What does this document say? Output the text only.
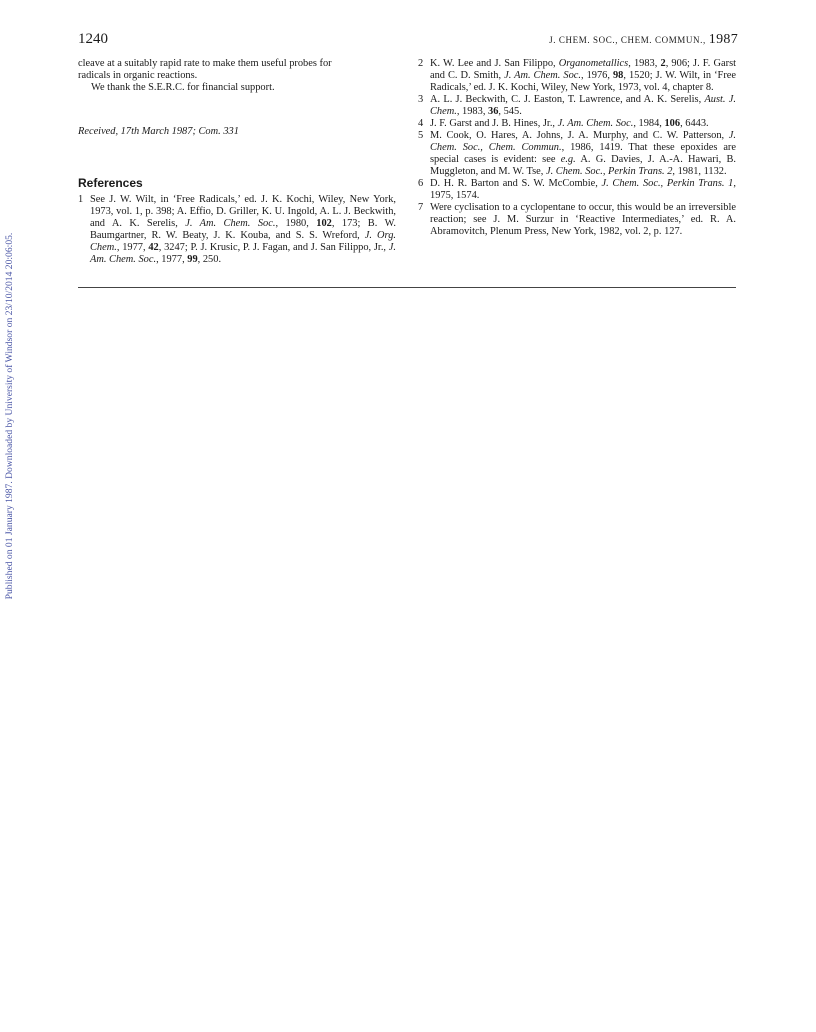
Published on 01 January 1987. Downloaded by University of Windsor on 23/10/2014 20:06:05.
1240	J. CHEM. SOC., CHEM. COMMUN., 1987

cleave at a suitably rapid rate to make them useful probes for

radicals in organic reactions.

We thank the S.E.R.C. for financial support.

Received, 17th March 1987; Com. 331

References

1 See J. W. Wilt, in ‘Free Radicals,’ ed. J. K. Kochi, Wiley, New York, 1973, vol. 1, p. 398; A. Effio, D. Griller, K. U. Ingold, A. L. J. Beckwith, and A. K. Serelis, J. Am. Chem. Soc., 1980, 102, 173; B. W. Baumgartner, R. W. Beaty, J. K. Kouba, and S. S. Wreford, J. Org. Chem., 1977, 42, 3247; P. J. Krusic, P. J. Fagan, and J. San Filippo, Jr., J. Am. Chem. Soc., 1977, 99, 250.

2 K. W. Lee and J. San Filippo, Organometallics, 1983, 2, 906; J. F. Garst and C. D. Smith, J. Am. Chem. Soc., 1976, 98, 1520; J. W. Wilt, in ‘Free Radicals,’ ed. J. K. Kochi, Wiley, New York, 1973, vol. 4, chapter 8.

3 A. L. J. Beckwith, C. J. Easton, T. Lawrence, and A. K. Serelis, Aust. J. Chem., 1983, 36, 545.

4 J. F. Garst and J. B. Hines, Jr., J. Am. Chem. Soc., 1984, 106, 6443.

5 M. Cook, O. Hares, A. Johns, J. A. Murphy, and C. W. Patterson, J. Chem. Soc., Chem. Commun., 1986, 1419. That these epoxides are special cases is evident: see e.g. A. G. Davies, J. A.-A. Hawari, B. Muggleton, and M. W. Tse, J. Chem. Soc., Perkin Trans. 2, 1981, 1132.

6 D. H. R. Barton and S. W. McCombie, J. Chem. Soc., Perkin Trans. 1, 1975, 1574.

7 Were cyclisation to a cyclopentane to occur, this would be an irreversible reaction; see J. M. Surzur in ‘Reactive Intermediates,’ ed. R. A. Abramovitch, Plenum Press, New York, 1982, vol. 2, p. 127.
